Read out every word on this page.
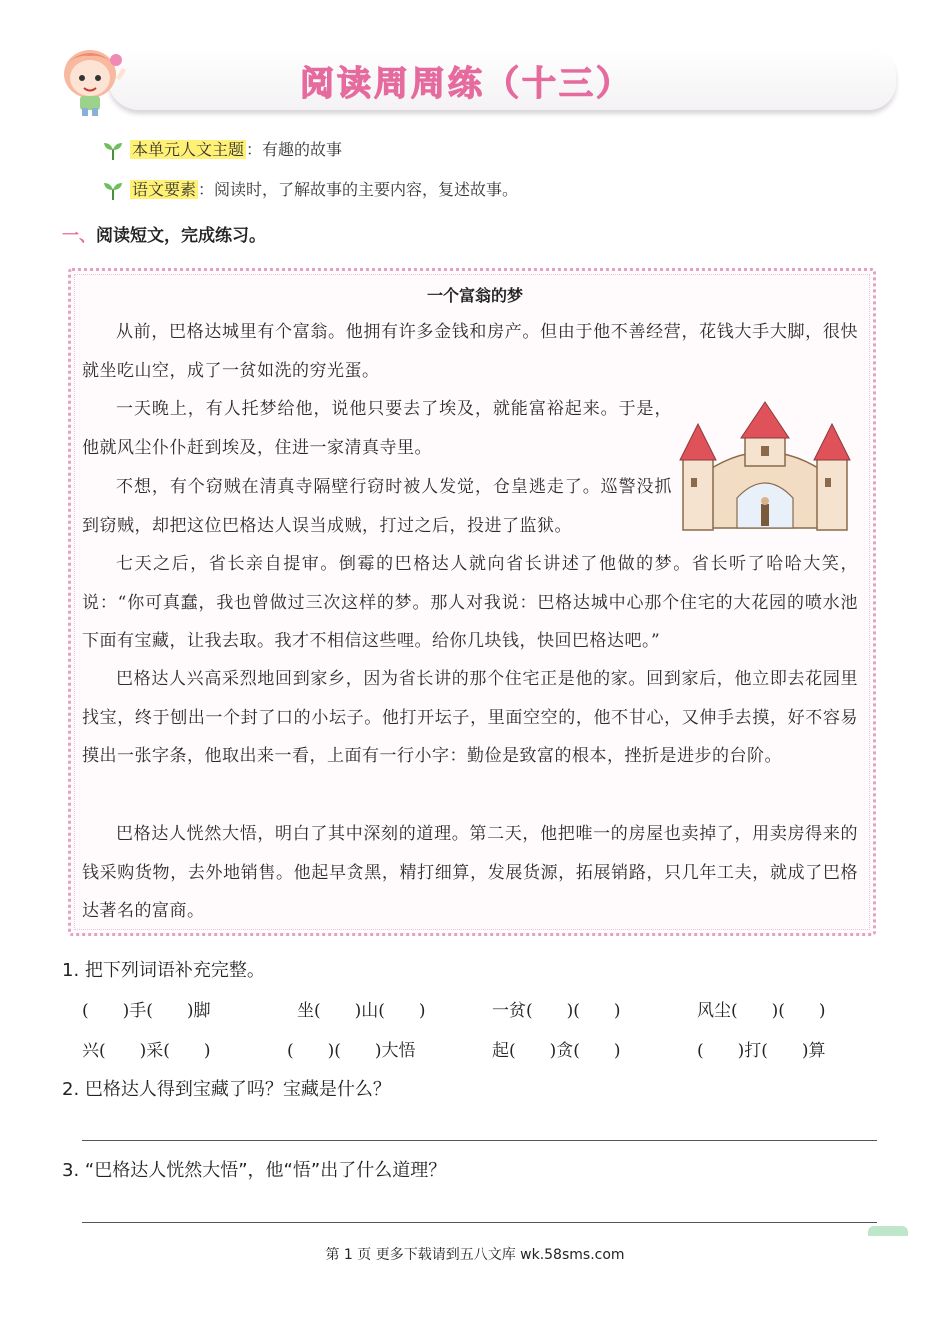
阅读周周练（十三）
本单元人文主题 ：有趣的故事
语文要素 ：阅读时，了解故事的主要内容，复述故事。
一、阅读短文，完成练习。
一个富翁的梦
从前，巴格达城里有个富翁。他拥有许多金钱和房产。但由于他不善经营，花钱大手大脚，很快就坐吃山空，成了一贫如洗的穷光蛋。
一天晚上，有人托梦给他，说他只要去了埃及，就能富裕起来。于是，他就风尘仆仆赶到埃及，住进一家清真寺里。
不想，有个窃贼在清真寺隔壁行窃时被人发觉，仓皇逃走了。巡警没抓到窃贼，却把这位巴格达人误当成贼，打过之后，投进了监狱。
七天之后，省长亲自提审。倒霉的巴格达人就向省长讲述了他做的梦。省长听了哈哈大笑，说：“你可真蠢，我也曾做过三次这样的梦。那人对我说：巴格达城中心那个住宅的大花园的喷水池下面有宝藏，让我去取。我才不相信这些哩。给你几块钱，快回巴格达吧。”
巴格达人兴高采烈地回到家乡，因为省长讲的那个住宅正是他的家。回到家后，他立即去花园里找宝，终于刨出一个封了口的小坛子。他打开坛子，里面空空的，他不甘心，又伸手去摸，好不容易摸出一张字条，他取出来一看，上面有一行小字：勤俭是致富的根本，挫折是进步的台阶。
巴格达人恍然大悟，明白了其中深刻的道理。第二天，他把唯一的房屋也卖掉了，用卖房得来的钱采购货物，去外地销售。他起早贪黑，精打细算，发展货源，拓展销路，只几年工夫，就成了巴格达著名的富商。
1. 把下列词语补充完整。
(　　)手(　　)脚	坐(　　)山(　　)	一贫(　　)(　　)	风尘(　　)(　　)
兴(　　)采(　　)	(　　)(　　)大悟	起(　　)贪(　　)	(　　)打(　　)算
2. 巴格达人得到宝藏了吗？宝藏是什么？
3. “巴格达人恍然大悟”，他“悟”出了什么道理？
第 1 页 更多下载请到五八文库 wk.58sms.com
